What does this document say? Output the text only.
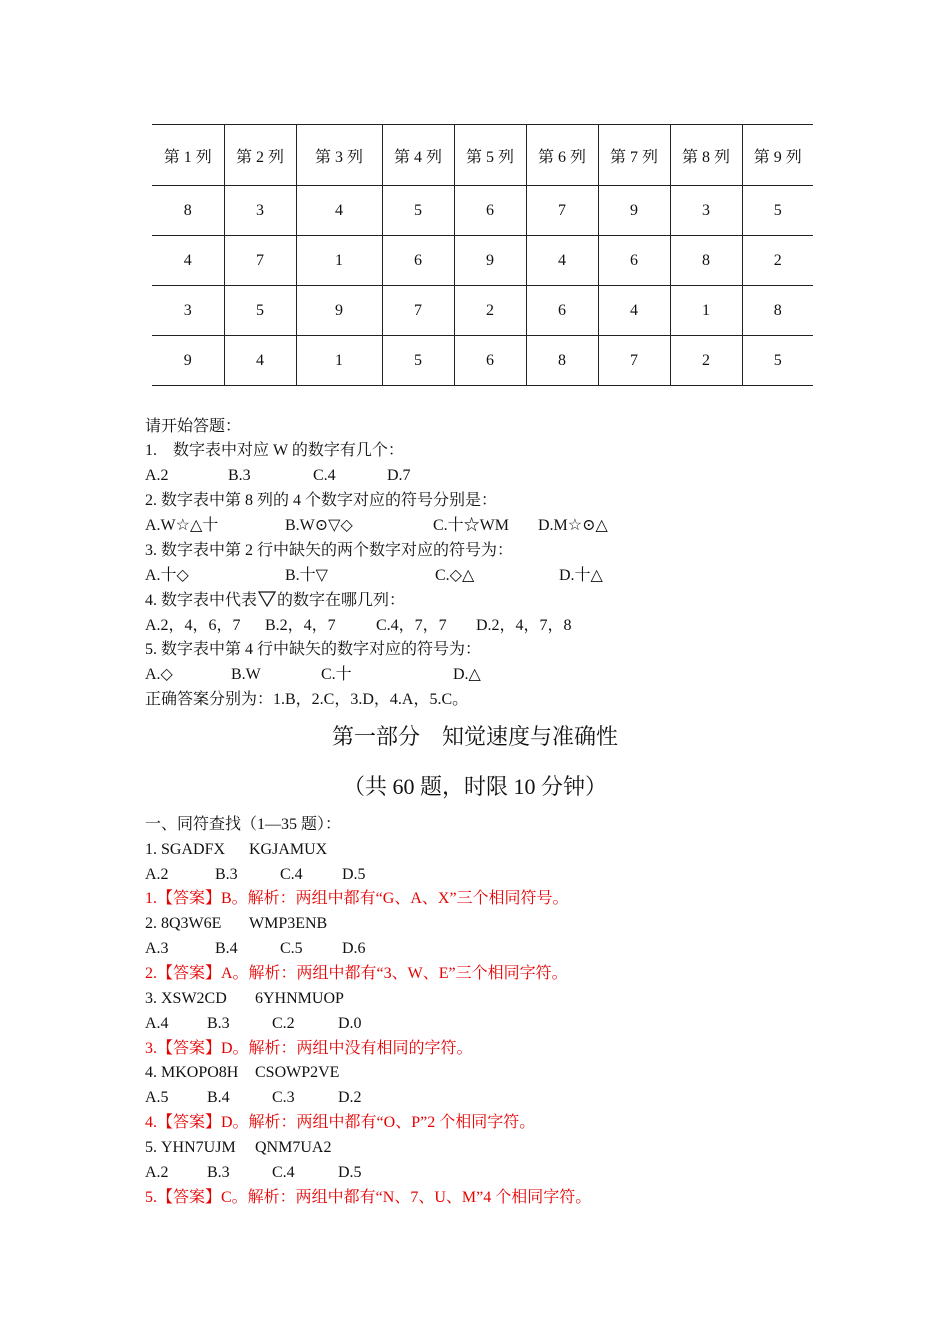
第 1 列	第 2 列	第 3 列	第 4 列	第 5 列	第 6 列	第 7 列	第 8 列	第 9 列
8	3	4	5	6	7	9	3	5
4	7	1	6	9	4	6	8	2
3	5	9	7	2	6	4	1	8
9	4	1	5	6	8	7	2	5

请开始答题：

1.    数字表中对应 W 的数字有几个：

A.2

	B.3

	C.4

	D.7

2. 数字表中第 8 列的 4 个数字对应的符号分别是：

A.W☆△十

	B.W⊙▽◇

	C.十☆WM

D.M☆⊙△

3. 数字表中第 2 行中缺矢的两个数字对应的符号为：

A.十◇

	B.十▽

	C.◇△

	D.十△

4. 数字表中代表 的数字在哪几列：

A.2，4，6，7

B.2，4，7

	C.4，7，7

D.2，4，7，8

5. 数字表中第 4 行中缺矢的数字对应的符号为：

A.◇

	B.W

	C.十

	D.△

正确答案分别为：1.B，2.C，3.D，4.A，5.C。

第一部分    知觉速度与准确性
（共 60 题，时限 10 分钟）

一、同符查找（1—35 题）：

1.

SGADFX

KGJAMUX

A.2

	B.3

	C.4

D.5

1.【答案】B。解析：两组中都有“G、A、X”三个相同符号。

2.

8Q3W6E

WMP3ENB

A.3

	B.4

	C.5

D.6

2.【答案】A。解析：两组中都有“3、W、E”三个相同字符。

3.

XSW2CD

6YHNMUOP

A.4

B.3

	C.2

	D.0

3.【答案】D。解析：两组中没有相同的字符。

4.

MKOPO8H

CSOWP2VE

A.5

B.4

	C.3

	D.2

4.【答案】D。解析：两组中都有“O、P”2 个相同字符。

5.

YHN7UJM

QNM7UA2

A.2

B.3

	C.4

	D.5

5.【答案】C。解析：两组中都有“N、7、U、M”4 个相同字符。
